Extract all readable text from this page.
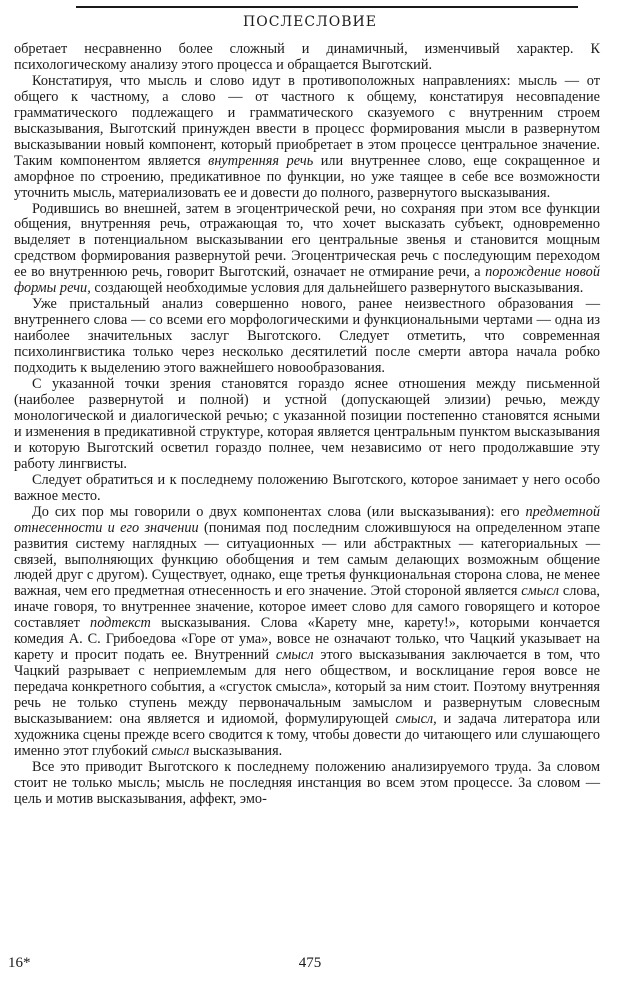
ПОСЛЕСЛОВИЕ

обретает несравненно более сложный и динамичный, изменчивый характер. К психологическому анализу этого процесса и обращается Выготский.

Констатируя, что мысль и слово идут в противоположных направлениях: мысль — от общего к частному, а слово — от частного к общему, констатируя несовпадение грамматического подлежащего и грамматического сказуемого с внутренним строем высказывания, Выготский принужден ввести в процесс формирования мысли в развернутом высказывании новый компонент, который приобретает в этом процессе центральное значение. Таким компонентом является внутренняя речь или внутреннее слово, еще сокращенное и аморфное по строению, предикативное по функции, но уже таящее в себе все возможности уточнить мысль, материализовать ее и довести до полного, развернутого высказывания.

Родившись во внешней, затем в эгоцентрической речи, но сохраняя при этом все функции общения, внутренняя речь, отражающая то, что хочет высказать субъект, одновременно выделяет в потенциальном высказывании его центральные звенья и становится мощным средством формирования развернутой речи. Эгоцентрическая речь с последующим переходом ее во внутреннюю речь, говорит Выготский, означает не отмирание речи, а порождение новой формы речи, создающей необходимые условия для дальнейшего развернутого высказывания.

Уже пристальный анализ совершенно нового, ранее неизвестного образования — внутреннего слова — со всеми его морфологическими и функциональными чертами — одна из наиболее значительных заслуг Выготского. Следует отметить, что современная психолингвистика только через несколько десятилетий после смерти автора начала робко подходить к выделению этого важнейшего новообразования.

С указанной точки зрения становятся гораздо яснее отношения между письменной (наиболее развернутой и полной) и устной (допускающей элизии) речью, между монологической и диалогической речью; с указанной позиции постепенно становятся ясными и изменения в предикативной структуре, которая является центральным пунктом высказывания и которую Выготский осветил гораздо полнее, чем независимо от него продолжавшие эту работу лингвисты.

Следует обратиться и к последнему положению Выготского, которое занимает у него особо важное место.

До сих пор мы говорили о двух компонентах слова (или высказывания): его предметной отнесенности и его значении (понимая под последним сложившуюся на определенном этапе развития систему наглядных — ситуационных — или абстрактных — категориальных — связей, выполняющих функцию обобщения и тем самым делающих возможным общение людей друг с другом). Существует, однако, еще третья функциональная сторона слова, не менее важная, чем его предметная отнесенность и его значение. Этой стороной является смысл слова, иначе говоря, то внутреннее значение, которое имеет слово для самого говорящего и которое составляет подтекст высказывания. Слова «Карету мне, карету!», которыми кончается комедия А. С. Грибоедова «Горе от ума», вовсе не означают только, что Чацкий указывает на карету и просит подать ее. Внутренний смысл этого высказывания заключается в том, что Чацкий разрывает с неприемлемым для него обществом, и восклицание героя вовсе не передача конкретного события, а «сгусток смысла», который за ним стоит. Поэтому внутренняя речь не только ступень между первоначальным замыслом и развернутым словесным высказыванием: она является и идиомой, формулирующей смысл, и задача литератора или художника сцены прежде всего сводится к тому, чтобы довести до читающего или слушающего именно этот глубокий смысл высказывания.

Все это приводит Выготского к последнему положению анализируемого труда. За словом стоит не только мысль; мысль не последняя инстанция во всем этом процессе. За словом — цель и мотив высказывания, аффект, эмо-

16*	475
